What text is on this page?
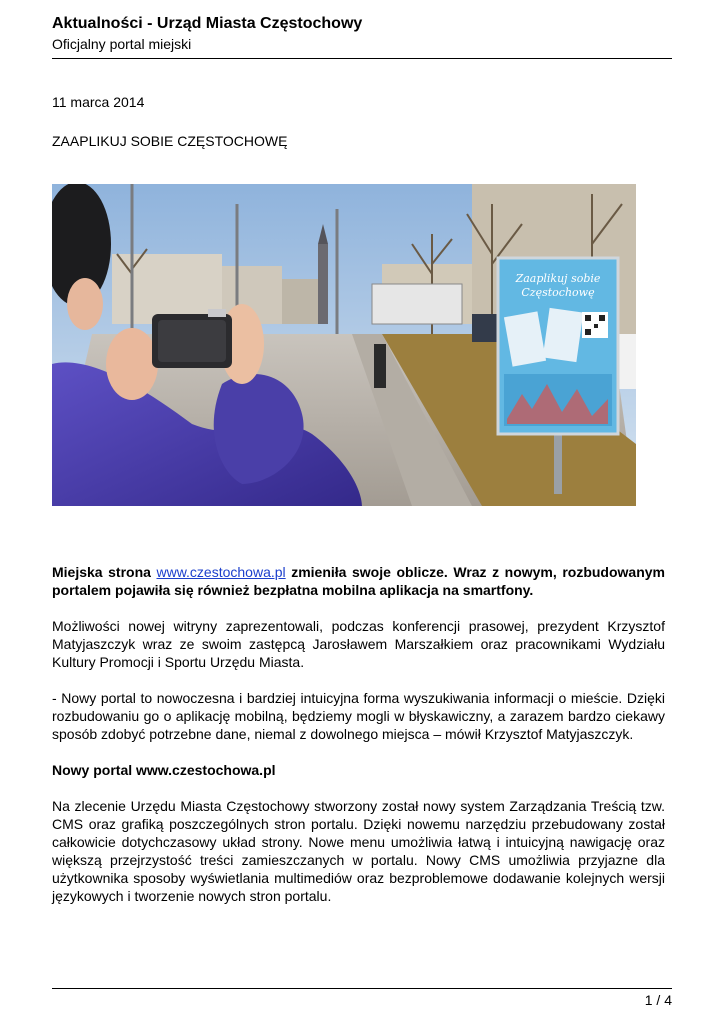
Aktualności - Urząd Miasta Częstochowy
Oficjalny portal miejski
11 marca 2014
ZAAPLIKUJ SOBIE CZĘSTOCHOWĘ
Zaaplikuj sobie
Częstochowę

Miejska strona www.czestochowa.pl zmieniła swoje oblicze. Wraz z nowym, rozbudowanym portalem pojawiła się również bezpłatna mobilna aplikacja na smartfony.

Możliwości nowej witryny zaprezentowali, podczas konferencji prasowej, prezydent Krzysztof Matyjaszczyk wraz ze swoim zastępcą Jarosławem Marszałkiem oraz pracownikami Wydziału Kultury Promocji i Sportu Urzędu Miasta.

- Nowy portal to nowoczesna i bardziej intuicyjna forma wyszukiwania informacji o mieście. Dzięki rozbudowaniu go o aplikację mobilną, będziemy mogli w błyskawiczny, a zarazem bardzo ciekawy sposób zdobyć potrzebne dane, niemal z dowolnego miejsca – mówił Krzysztof Matyjaszczyk.

Nowy portal www.czestochowa.pl

Na zlecenie Urzędu Miasta Częstochowy stworzony został nowy system Zarządzania Treścią tzw. CMS oraz grafiką poszczególnych stron portalu. Dzięki nowemu narzędziu przebudowany został całkowicie dotychczasowy układ strony. Nowe menu umożliwia łatwą i intuicyjną nawigację oraz większą przejrzystość treści zamieszczanych w portalu. Nowy CMS umożliwia przyjazne dla użytkownika sposoby wyświetlania multimediów oraz bezproblemowe dodawanie kolejnych wersji językowych i tworzenie nowych stron portalu.

1 / 4
